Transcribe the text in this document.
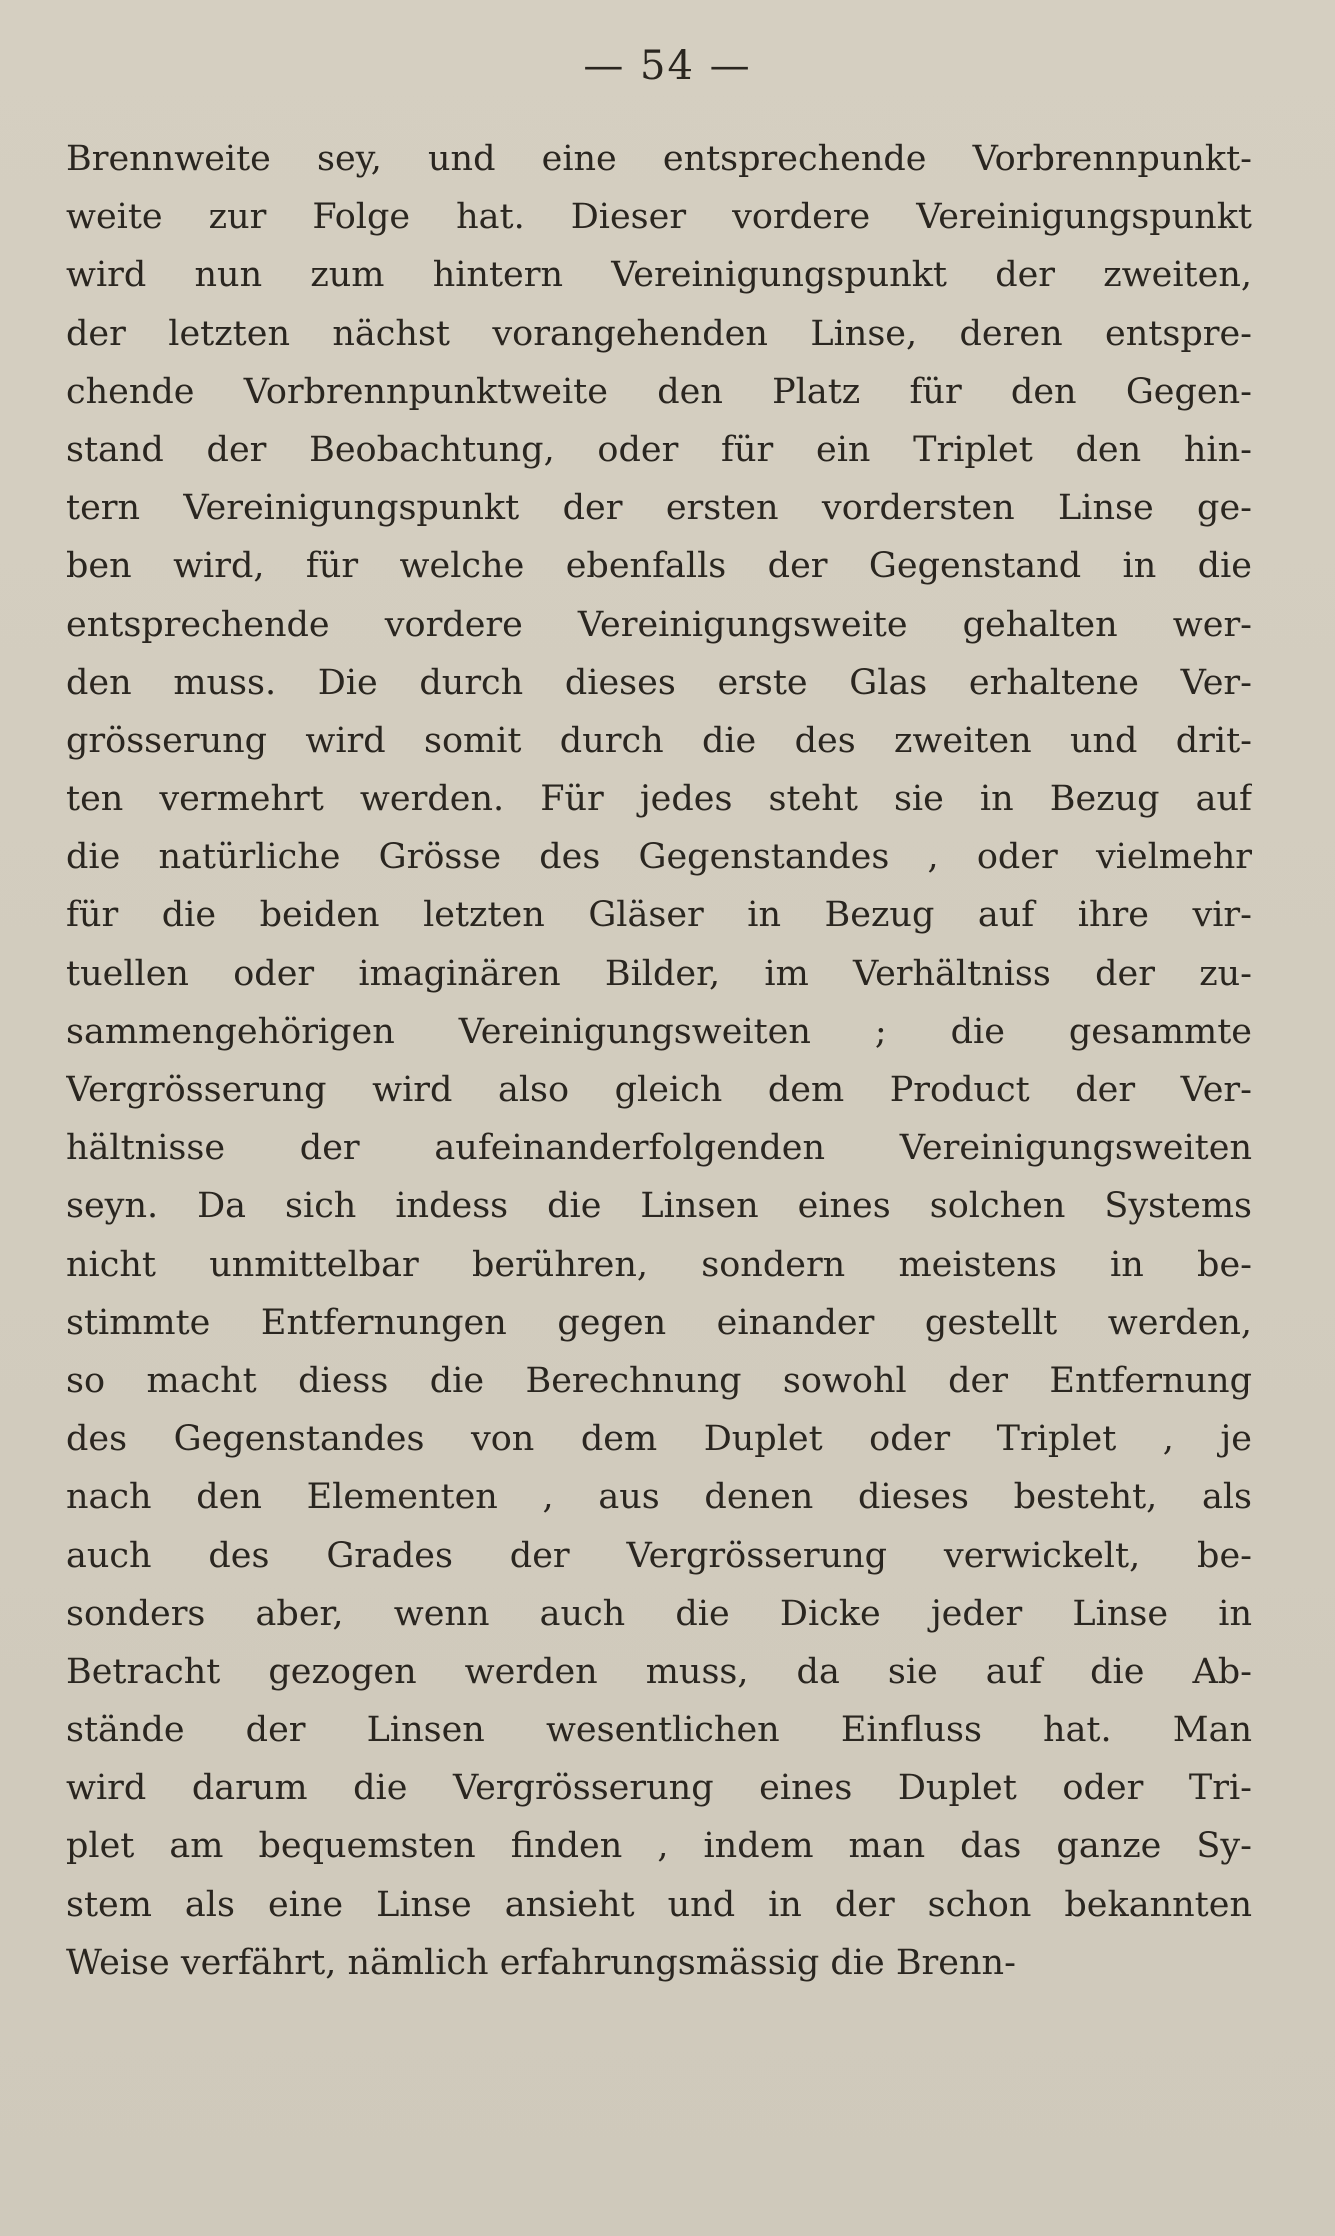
— 54 —
Brennweite sey, und eine entsprechende Vorbrennpunkt-
weite zur Folge hat. Dieser vordere Vereinigungspunkt
wird nun zum hintern Vereinigungspunkt der zweiten,
der letzten nächst vorangehenden Linse, deren entspre-
chende Vorbrennpunktweite den Platz für den Gegen-
stand der Beobachtung, oder für ein Triplet den hin-
tern Vereinigungspunkt der ersten vordersten Linse ge-
ben wird, für welche ebenfalls der Gegenstand in die
entsprechende vordere Vereinigungsweite gehalten wer-
den muss. Die durch dieses erste Glas erhaltene Ver-
grösserung wird somit durch die des zweiten und drit-
ten vermehrt werden. Für jedes steht sie in Bezug auf
die natürliche Grösse des Gegenstandes , oder vielmehr
für die beiden letzten Gläser in Bezug auf ihre vir-
tuellen oder imaginären Bilder, im Verhältniss der zu-
sammengehörigen Vereinigungsweiten ; die gesammte
Vergrösserung wird also gleich dem Product der Ver-
hältnisse der aufeinanderfolgenden Vereinigungsweiten
seyn. Da sich indess die Linsen eines solchen Systems
nicht unmittelbar berühren, sondern meistens in be-
stimmte Entfernungen gegen einander gestellt werden,
so macht diess die Berechnung sowohl der Entfernung
des Gegenstandes von dem Duplet oder Triplet , je
nach den Elementen , aus denen dieses besteht, als
auch des Grades der Vergrösserung verwickelt, be-
sonders aber, wenn auch die Dicke jeder Linse in
Betracht gezogen werden muss, da sie auf die Ab-
stände der Linsen wesentlichen Einfluss hat. Man
wird darum die Vergrösserung eines Duplet oder Tri-
plet am bequemsten finden , indem man das ganze Sy-
stem als eine Linse ansieht und in der schon bekannten
Weise verfährt, nämlich erfahrungsmässig die Brenn-
